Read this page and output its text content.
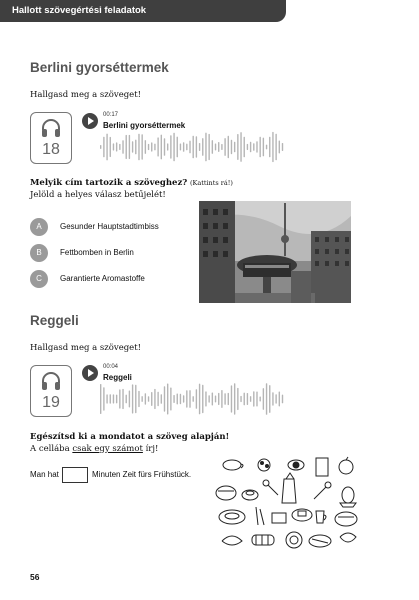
Hallott szövegértési feladatok
Berlini gyorséttermek
Hallgasd meg a szöveget!
18
00:17
Berlini gyorséttermek
Melyik cím tartozik a szöveghez? (Kattints rá!)
Jelöld a helyes válasz betűjelét!
A	Gesunder Hauptstadtimbiss
B	Fettbomben in Berlin
C	Garantierte Aromastoffe
Reggeli
Hallgasd meg a szöveget!
19
00:04
Reggeli
Egészítsd ki a mondatot a szöveg alapján!
A cellába csak egy számot írj!
Man hat	Minuten Zeit fürs Frühstück.
56
